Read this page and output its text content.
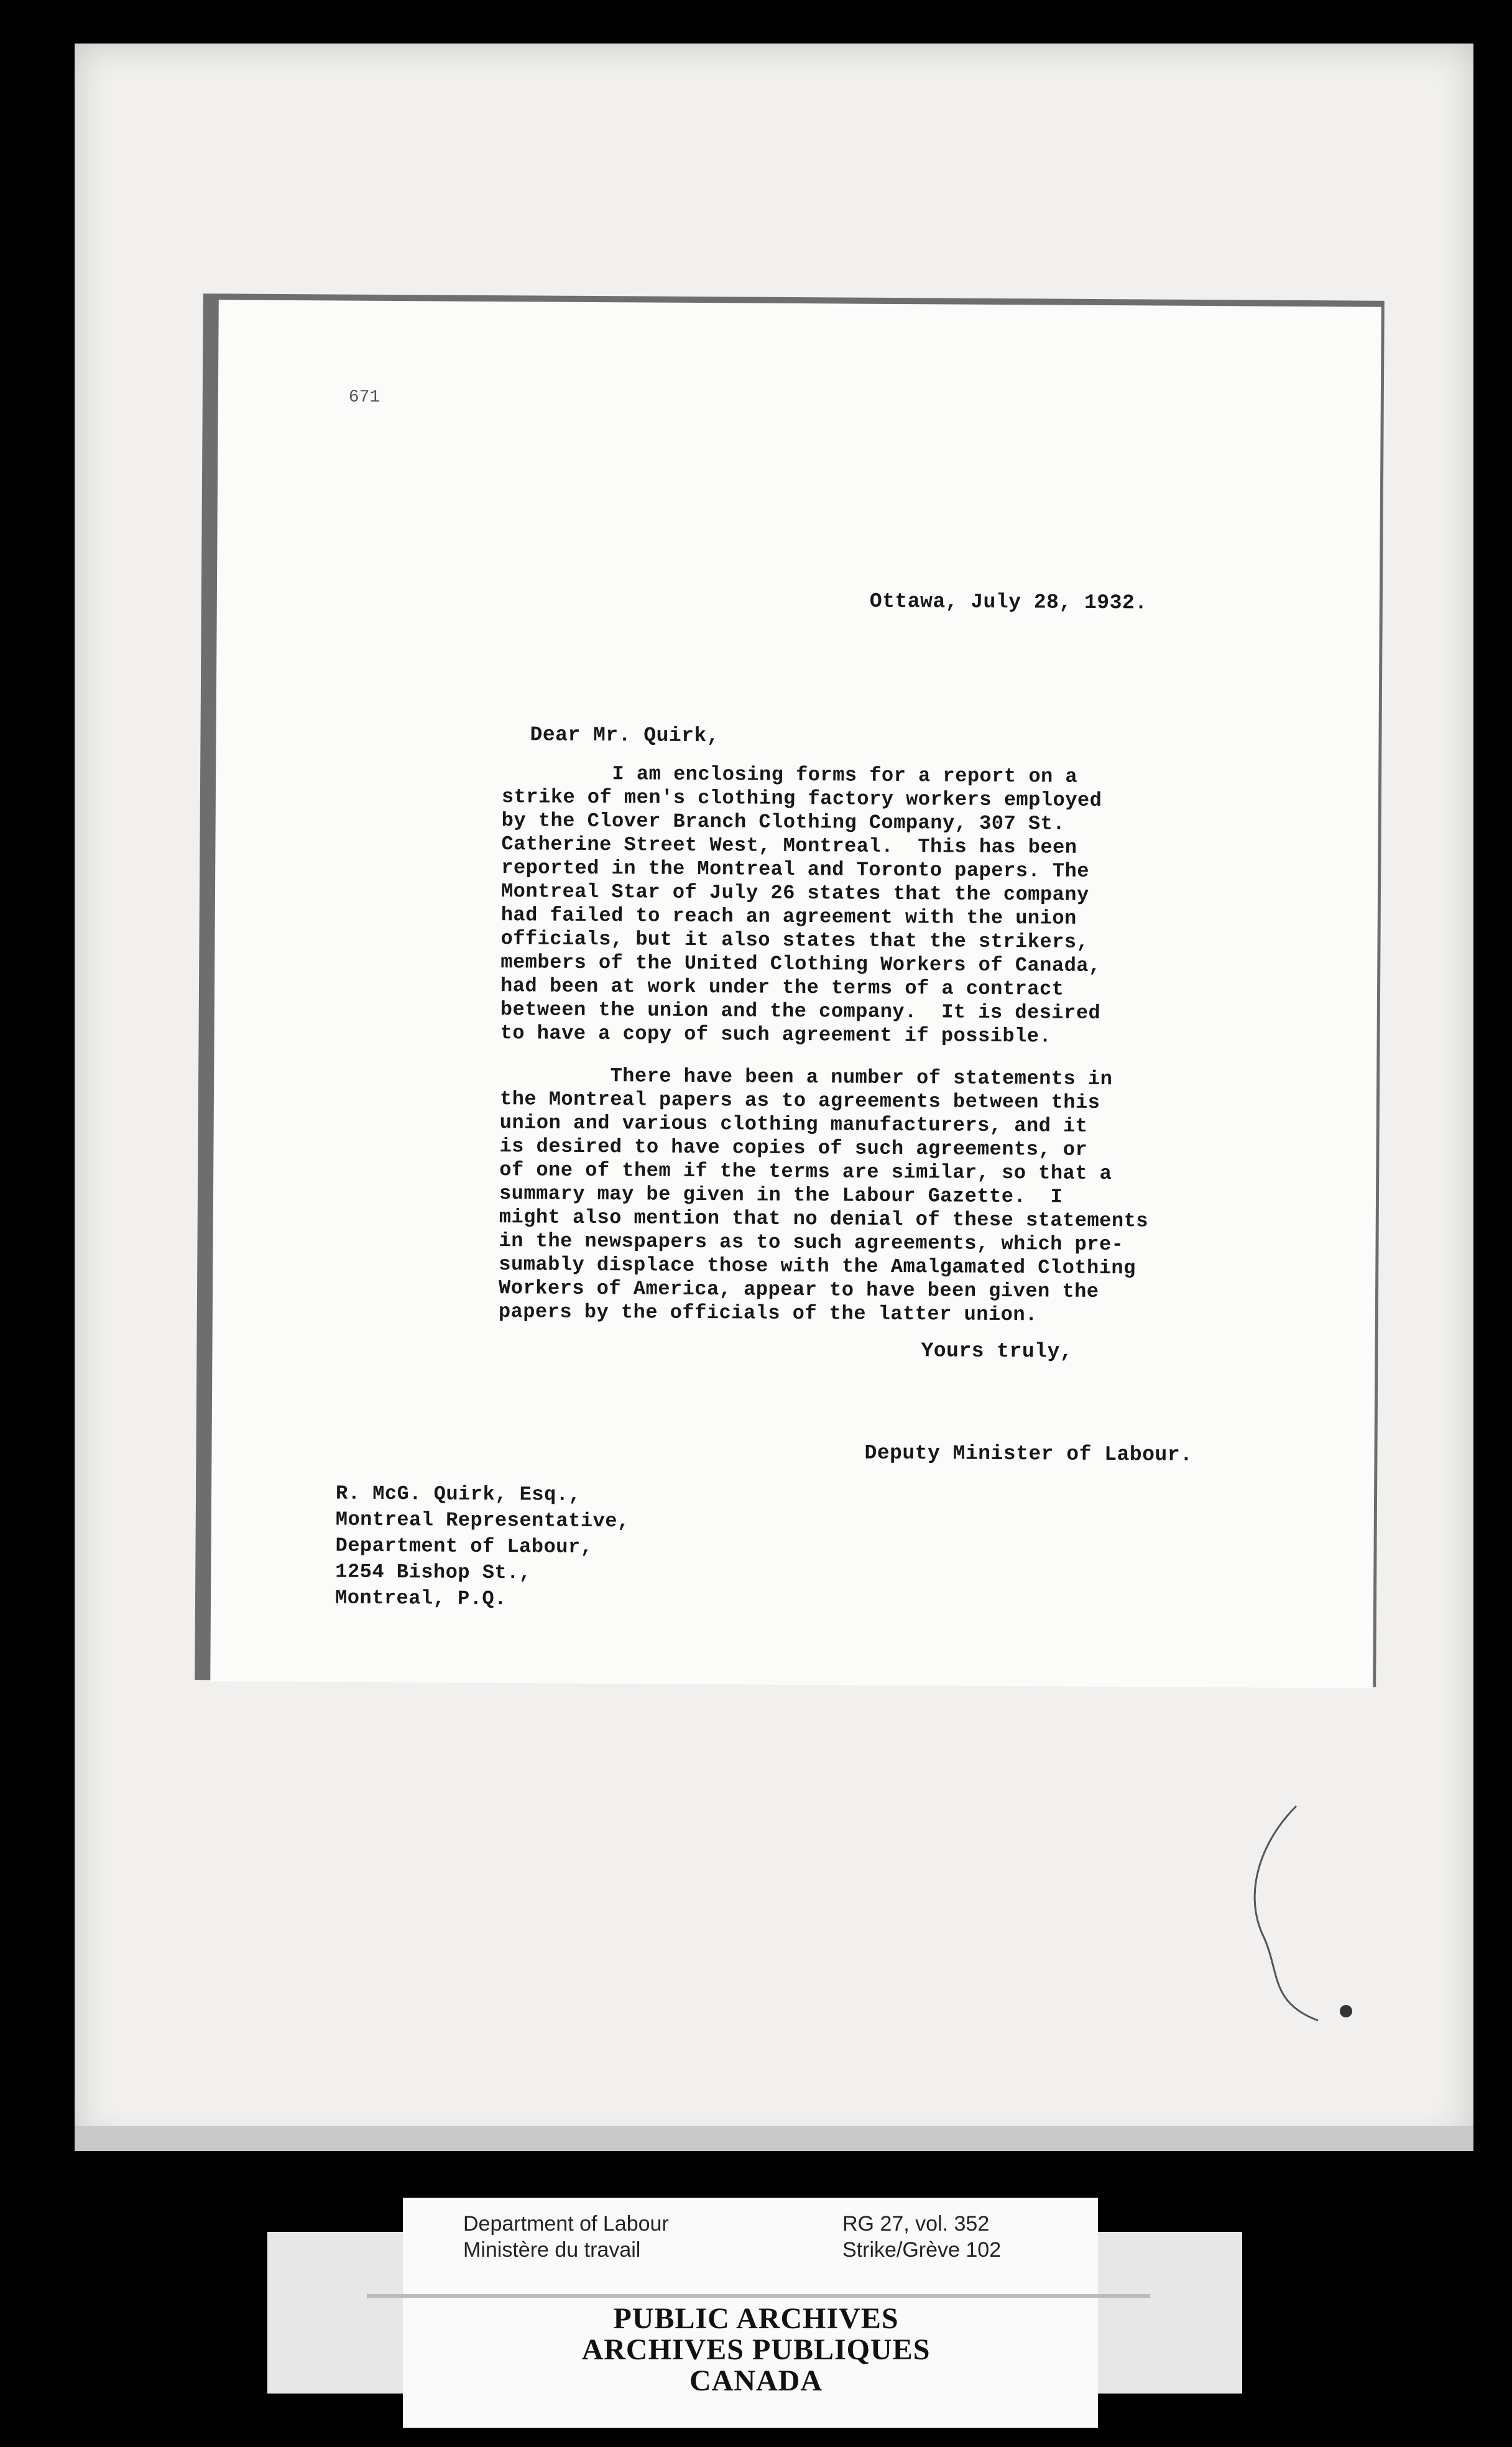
671
Ottawa, July 28, 1932.
Dear Mr. Quirk,
I am enclosing forms for a report on a
strike of men's clothing factory workers employed
by the Clover Branch Clothing Company, 307 St.
Catherine Street West, Montreal.  This has been
reported in the Montreal and Toronto papers. The
Montreal Star of July 26 states that the company
had failed to reach an agreement with the union
officials, but it also states that the strikers,
members of the United Clothing Workers of Canada,
had been at work under the terms of a contract
between the union and the company.  It is desired
to have a copy of such agreement if possible.
There have been a number of statements in
the Montreal papers as to agreements between this
union and various clothing manufacturers, and it
is desired to have copies of such agreements, or
of one of them if the terms are similar, so that a
summary may be given in the Labour Gazette.  I
might also mention that no denial of these statements
in the newspapers as to such agreements, which pre-
sumably displace those with the Amalgamated Clothing
Workers of America, appear to have been given the
papers by the officials of the latter union.
Yours truly,
Deputy Minister of Labour.
R. McG. Quirk, Esq.,
Montreal Representative,
Department of Labour,
1254 Bishop St.,
Montreal, P.Q.
Department of Labour
Ministère du travail
RG 27, vol. 352
Strike/Grève 102
PUBLIC ARCHIVES
ARCHIVES PUBLIQUES
CANADA
